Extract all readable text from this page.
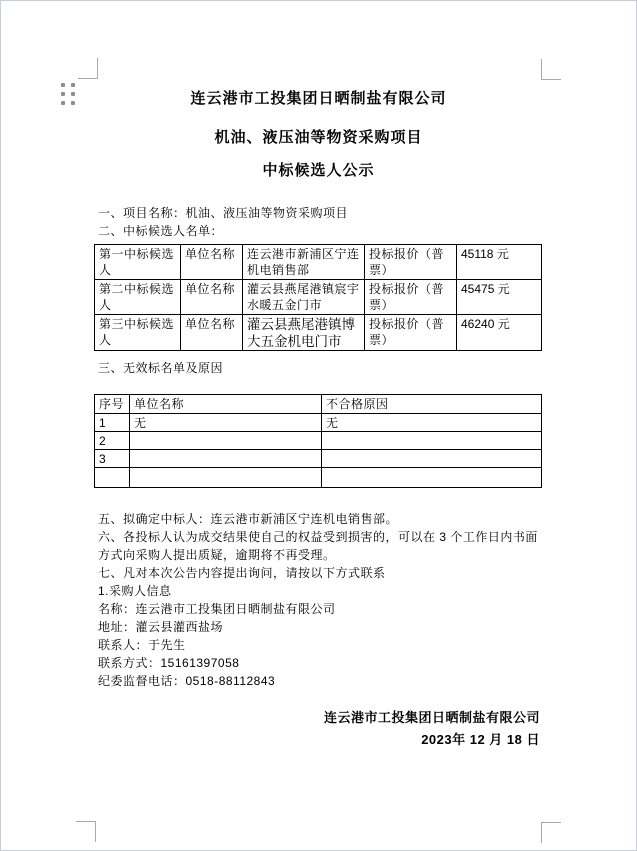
连云港市工投集团日晒制盐有限公司
机油、液压油等物资采购项目
中标候选人公示
一、项目名称：机油、液压油等物资采购项目
二、中标候选人名单：
第一中标候选人	单位名称	连云港市新浦区宁连机电销售部	投标报价（普票）	45118 元
第二中标候选人	单位名称	灌云县燕尾港镇宸宇水暖五金门市	投标报价（普票）	45475 元
第三中标候选人	单位名称	灌云县燕尾港镇博大五金机电门市	投标报价（普票）	46240 元
三、无效标名单及原因
序号	单位名称	不合格原因
1	无	无
2		
3		

五、拟确定中标人：连云港市新浦区宁连机电销售部。
六、各投标人认为成交结果使自己的权益受到损害的，可以在 3 个工作日内书面方式向采购人提出质疑，逾期将不再受理。
七、凡对本次公告内容提出询问，请按以下方式联系
1.采购人信息
名称：连云港市工投集团日晒制盐有限公司
地址：灌云县灌西盐场
联系人：于先生
联系方式：15161397058
纪委监督电话：0518-88112843
连云港市工投集团日晒制盐有限公司
2023年 12 月 18 日
